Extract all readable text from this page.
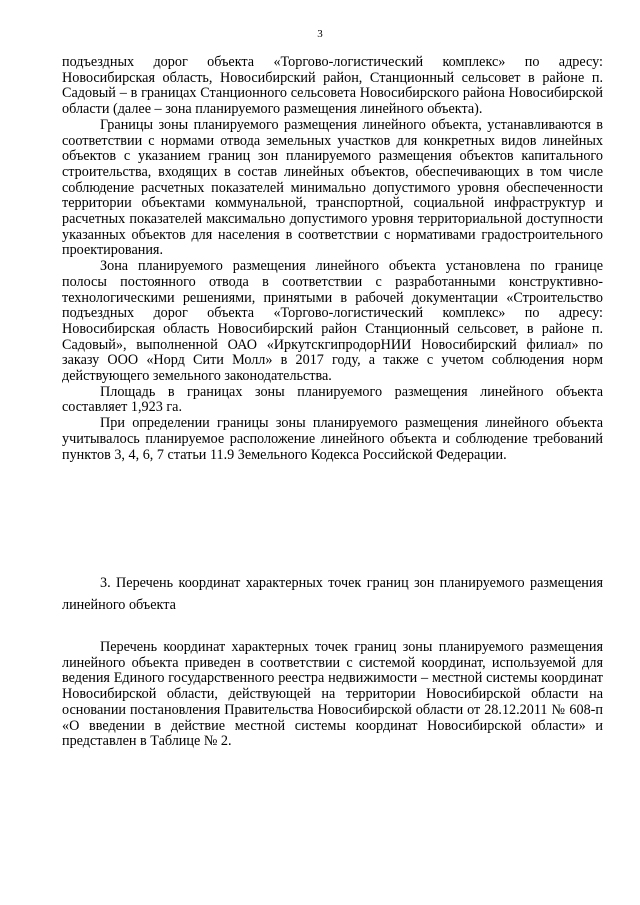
3

подъездных дорог объекта «Торгово-логистический комплекс» по адресу: Новосибирская область, Новосибирский район, Станционный сельсовет в районе п. Садовый – в границах Станционного сельсовета Новосибирского района Новосибирской области (далее – зона планируемого размещения линейного объекта).

Границы зоны планируемого размещения линейного объекта, устанавливаются в соответствии с нормами отвода земельных участков для конкретных видов линейных объектов с указанием границ зон планируемого размещения объектов капитального строительства, входящих в состав линейных объектов, обеспечивающих в том числе соблюдение расчетных показателей минимально допустимого уровня обеспеченности территории объектами коммунальной, транспортной, социальной инфраструктур и расчетных показателей максимально допустимого уровня территориальной доступности указанных объектов для населения в соответствии с нормативами градостроительного проектирования.

Зона планируемого размещения линейного объекта установлена по границе полосы постоянного отвода в соответствии с разработанными конструктивно-технологическими решениями, принятыми в рабочей документации «Строительство подъездных дорог объекта «Торгово-логистический комплекс» по адресу: Новосибирская область Новосибирский район Станционный сельсовет, в районе п. Садовый», выполненной ОАО «ИркутскгипродорНИИ Новосибирский филиал» по заказу ООО «Норд Сити Молл» в 2017 году, а также с учетом соблюдения норм действующего земельного законодательства.

Площадь в границах зоны планируемого размещения линейного объекта составляет 1,923 га.

При определении границы зоны планируемого размещения линейного объекта учитывалось планируемое расположение линейного объекта и соблюдение требований пунктов 3, 4, 6, 7 статьи 11.9 Земельного Кодекса Российской Федерации.

3. Перечень координат характерных точек границ зон планируемого размещения линейного объекта

Перечень координат характерных точек границ зоны планируемого размещения линейного объекта приведен в соответствии с системой координат, используемой для ведения Единого государственного реестра недвижимости – местной системы координат Новосибирской области, действующей на территории Новосибирской области на основании постановления Правительства Новосибирской области от 28.12.2011 № 608-п «О введении в действие местной системы координат Новосибирской области» и представлен в Таблице № 2.
